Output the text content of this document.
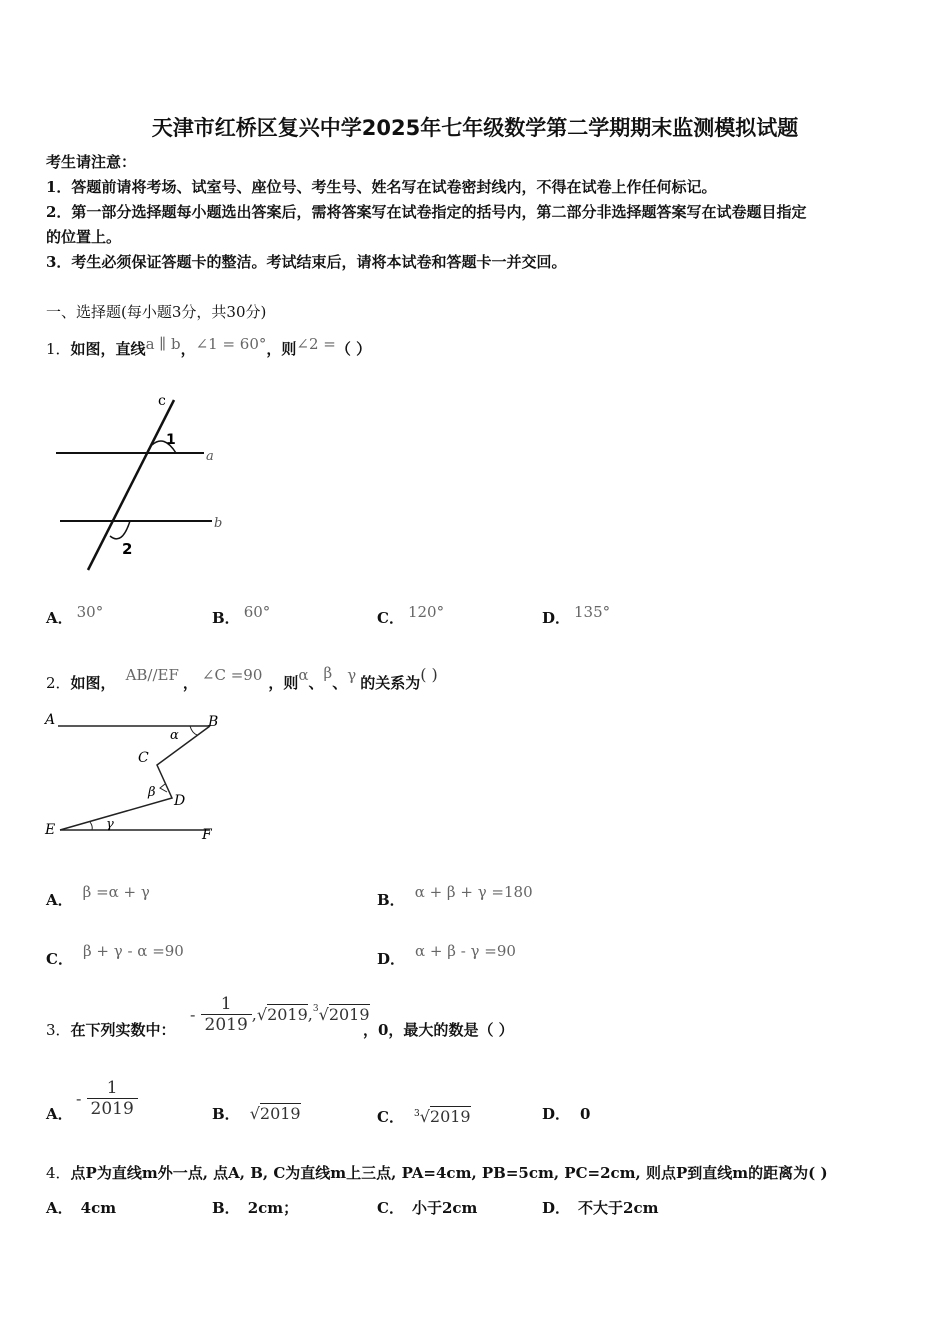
天津市红桥区复兴中学2025年七年级数学第二学期期末监测模拟试题
考生请注意：
1．答题前请将考场、试室号、座位号、考生号、姓名写在试卷密封线内，不得在试卷上作任何标记。
2．第一部分选择题每小题选出答案后，需将答案写在试卷指定的括号内，第二部分非选择题答案写在试卷题目指定
的位置上。
3．考生必须保证答题卡的整洁。考试结束后，请将本试卷和答题卡一并交回。
一、选择题(每小题3分，共30分)
1．如图，直线a ∥ b，∠1 = 60°，则∠2 =（ ）
c
a
b
1
2
A． 30°	B． 60°	C． 120°	D． 135°
2．如图， AB//EF ， ∠C =90 ，则α、β、γ 的关系为( )
A	B
C
D
E	F
α
β
γ
A． β =α + γ	B． α + β + γ =180
C． β + γ - α =90	D． α + β - γ =90
3．在下列实数中：
- $\frac{1}{2019} ,√2019,^3√2019$
，0，最大的数是（ ）
A．
- $\frac{1}{2019}$	B． √2019	C． $^3$√2019	D． 0
4．点P为直线m外一点, 点A, B, C为直线m上三点, PA=4cm, PB=5cm, PC=2cm, 则点P到直线m的距离为( )
A． 4cm	B． 2cm；	C． 小于2cm	D． 不大于2cm
